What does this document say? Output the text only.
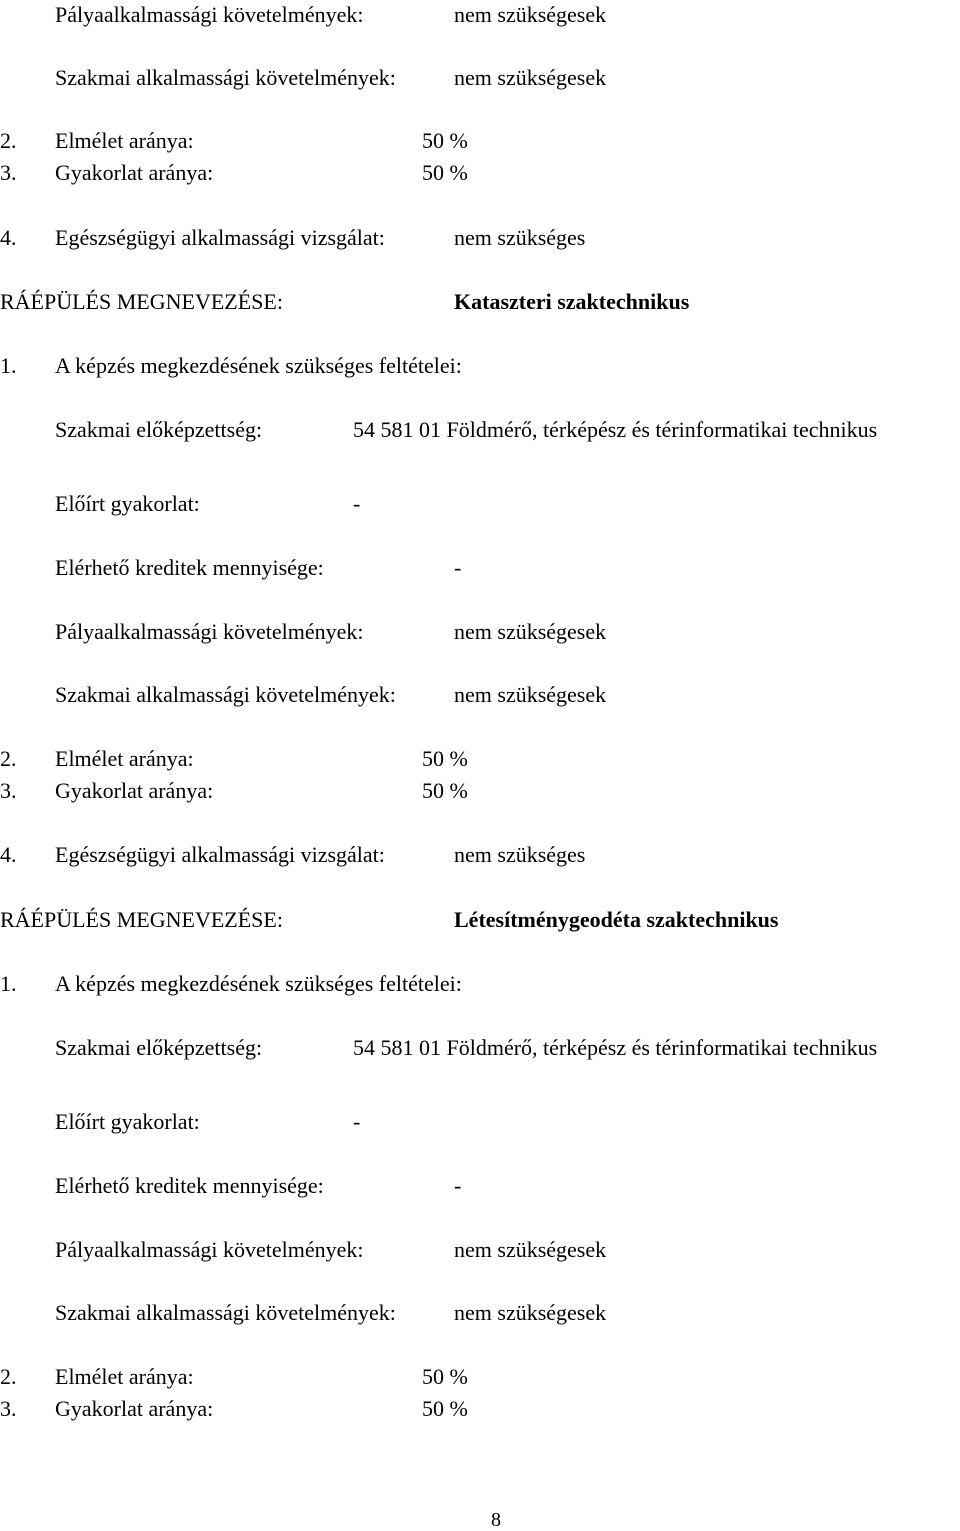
Pályaalkalmassági követelmények:	nem szükségesek
Szakmai alkalmassági követelmények:	nem szükségesek
2. Elmélet aránya:	50 %
3. Gyakorlat aránya:	50 %
4. Egészségügyi alkalmassági vizsgálat:	nem szükséges
RÁÉPÜLÉS MEGNEVEZÉSE:	Kataszteri szaktechnikus
1. A képzés megkezdésének szükséges feltételei:
Szakmai előképzettség:	54 581 01 Földmérő, térképész és térinformatikai technikus
Előírt gyakorlat:	-
Elérhető kreditek mennyisége:	-
Pályaalkalmassági követelmények:	nem szükségesek
Szakmai alkalmassági követelmények:	nem szükségesek
2. Elmélet aránya:	50 %
3. Gyakorlat aránya:	50 %
4. Egészségügyi alkalmassági vizsgálat:	nem szükséges
RÁÉPÜLÉS MEGNEVEZÉSE:	Létesítménygeodéta szaktechnikus
1. A képzés megkezdésének szükséges feltételei:
Szakmai előképzettség:	54 581 01 Földmérő, térképész és térinformatikai technikus
Előírt gyakorlat:	-
Elérhető kreditek mennyisége:	-
Pályaalkalmassági követelmények:	nem szükségesek
Szakmai alkalmassági követelmények:	nem szükségesek
2. Elmélet aránya:	50 %
3. Gyakorlat aránya:	50 %
8
